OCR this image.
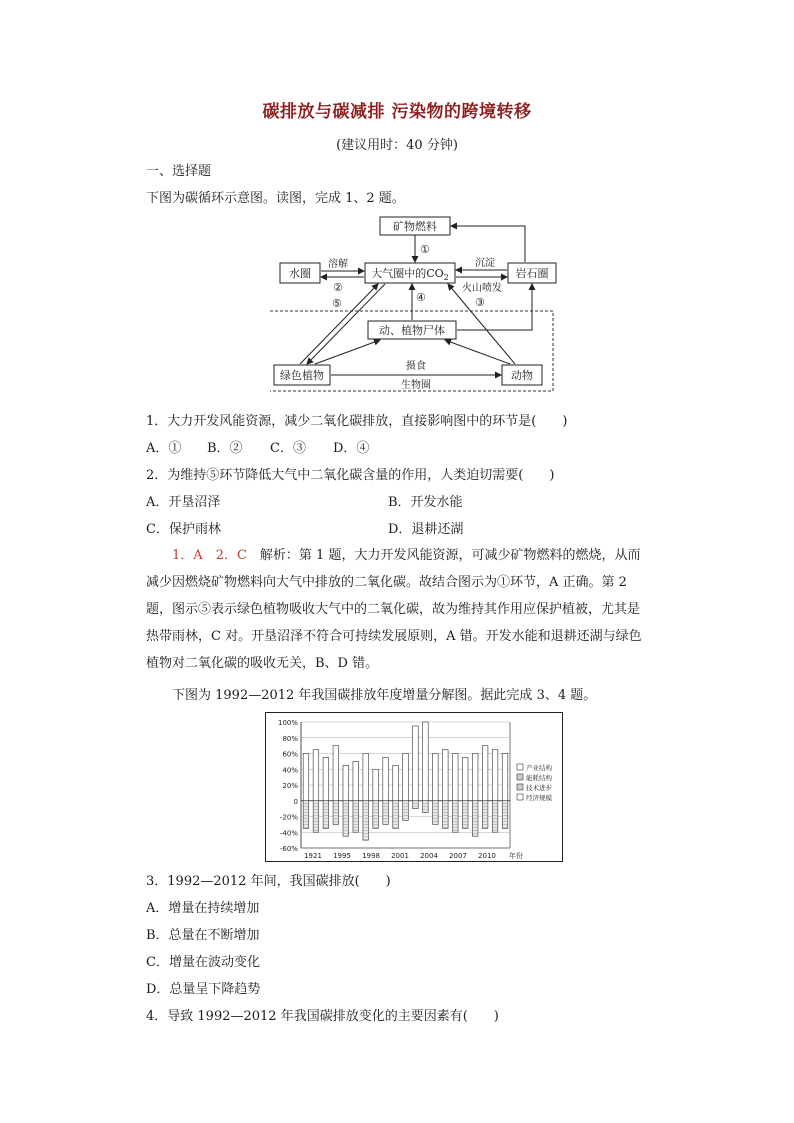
碳排放与碳减排 污染物的跨境转移
(建议用时：40 分钟)
一、选择题
下图为碳循环示意图。读图，完成 1、2 题。
矿物燃料
水圈	大气圈中的$CO_2$	岩石圈
动、植物尸体
绿色植物	动物
①
溶解	沉淀
火山喷发
②
⑤	④	③
摄食
生物圈
1．大力开发风能资源，减少二氧化碳排放，直接影响图中的环节是(　　)
A．① B．② C．③ D．④
2．为维持⑤环节降低大气中二氧化碳含量的作用，人类迫切需要(　　)
A．开垦沼泽	B．开发水能
C．保护雨林	D．退耕还湖
1．A　 2．C　 解析：第 1 题，大力开发风能资源，可减少矿物燃料的燃烧，从而减少因燃烧矿物燃料向大气中排放的二氧化碳。故结合图示为①环节，A 正确。第 2 题，图示⑤表示绿色植物吸收大气中的二氧化碳，故为维持其作用应保护植被，尤其是热带雨林，C 对。开垦沼泽不符合可持续发展原则，A 错。开发水能和退耕还湖与绿色植物对二氧化碳的吸收无关，B、D 错。
下图为 1992—2012 年我国碳排放年度增量分解图。据此完成 3、4 题。
100%
80%
60%
40%
20%
0
-20%
-40%
-60%
1921 1995 1998 2001 2004 2007 2010 年份
产业结构
能耗结构
技术进步
经济规模
3．1992—2012 年间，我国碳排放(　　)
A．增量在持续增加
B．总量在不断增加
C．增量在波动变化
D．总量呈下降趋势
4．导致 1992—2012 年我国碳排放变化的主要因素有(　　)
